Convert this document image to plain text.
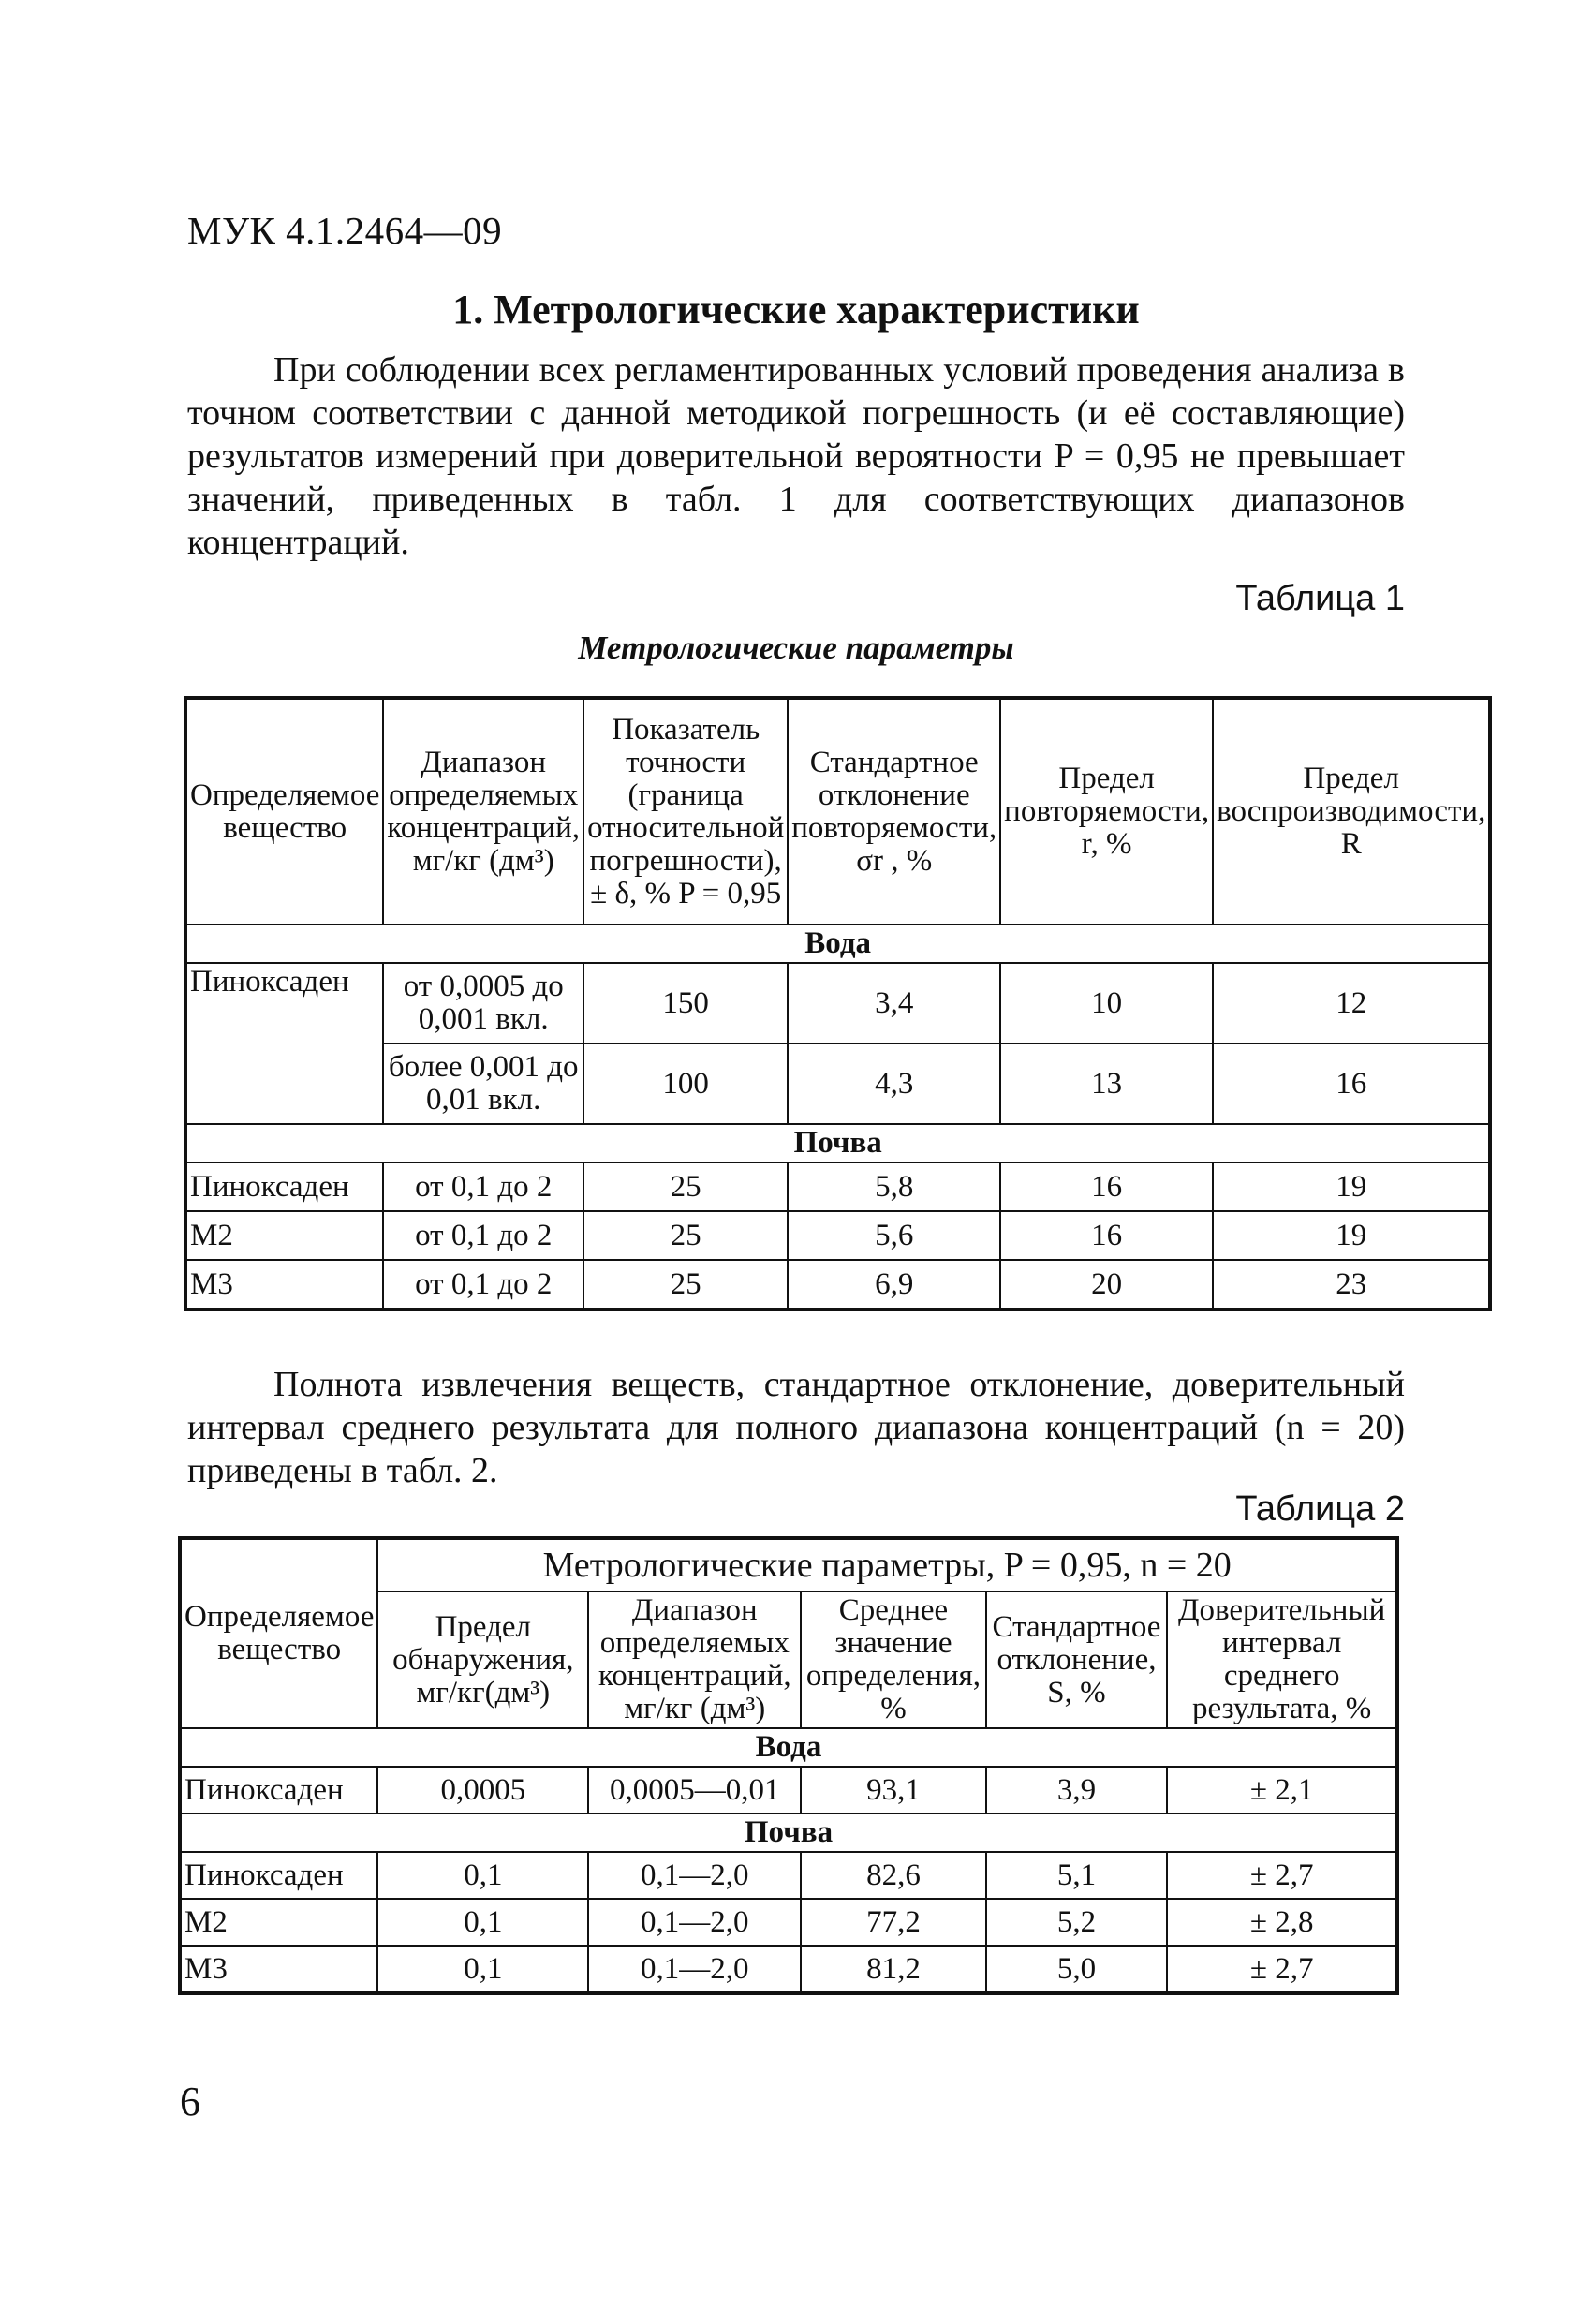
МУК 4.1.2464—09
1. Метрологические характеристики
При соблюдении всех регламентированных условий проведения анализа в точном соответствии с данной методикой погрешность (и её составляющие) результатов измерений при доверительной вероятности P = 0,95 не превышает значений, приведенных в табл. 1 для соответствующих диапазонов концентраций.
Таблица 1
Метрологические параметры
Определяемое вещество	Диапазон определяемых концентраций, мг/кг (дм³)	Показатель точности (граница относительной погрешности), ± δ, % P = 0,95	Стандартное отклонение повторяемости, σr , %	Предел повторяемости, r, %	Предел воспроизводимости, R
Вода					
Пиноксаден	от 0,0005 до 0,001 вкл.	150	3,4	10	12
	более 0,001 до 0,01 вкл.	100	4,3	13	16
Почва					
Пиноксаден	от 0,1 до 2	25	5,8	16	19
М2	от 0,1 до 2	25	5,6	16	19
М3	от 0,1 до 2	25	6,9	20	23
Полнота извлечения веществ, стандартное отклонение, доверительный интервал среднего результата для полного диапазона концентраций (n = 20) приведены в табл. 2.
Таблица 2
Определяемое вещество	Метрологические параметры, P = 0,95, n = 20				
	Предел обнаружения, мг/кг(дм³)	Диапазон определяемых концентраций, мг/кг (дм³)	Среднее значение определения, %	Стандартное отклонение, S, %	Доверительный интервал среднего результата, %
Вода					
Пиноксаден	0,0005	0,0005—0,01	93,1	3,9	± 2,1
Почва					
Пиноксаден	0,1	0,1—2,0	82,6	5,1	± 2,7
М2	0,1	0,1—2,0	77,2	5,2	± 2,8
М3	0,1	0,1—2,0	81,2	5,0	± 2,7
6
